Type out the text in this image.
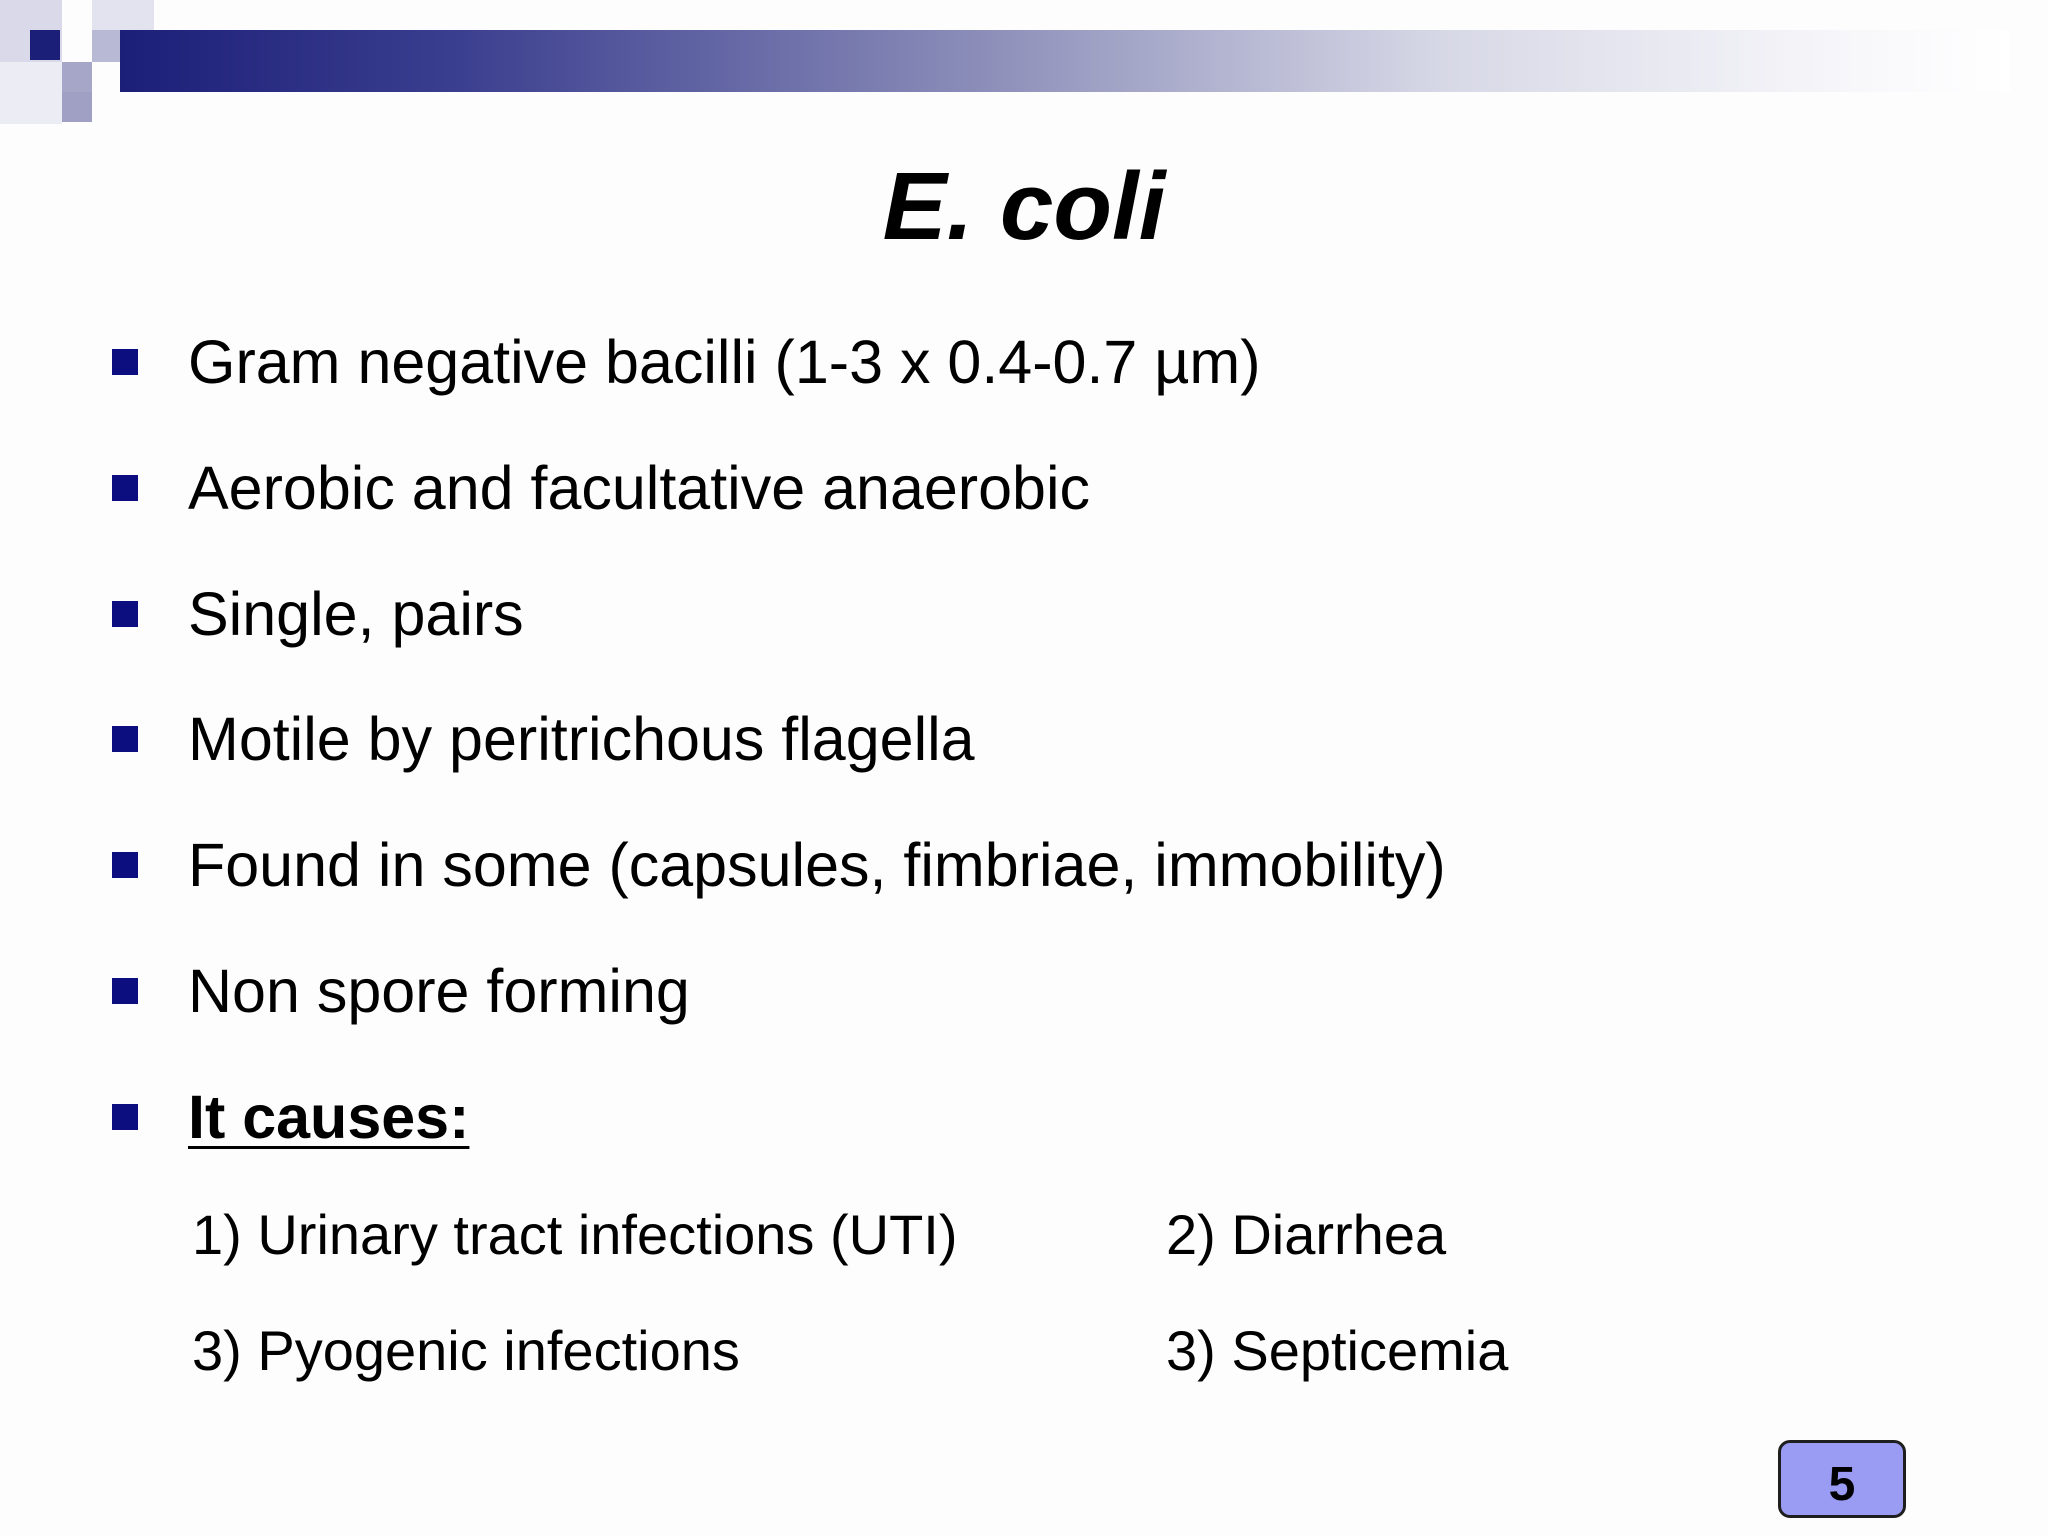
E. coli
Gram negative bacilli (1-3 x 0.4-0.7 µm)
Aerobic and facultative anaerobic
Single, pairs
Motile by peritrichous flagella
Found in some (capsules, fimbriae, immobility)
Non spore forming
It causes:
1) Urinary tract infections (UTI)	2) Diarrhea
3) Pyogenic infections	3) Septicemia
5
